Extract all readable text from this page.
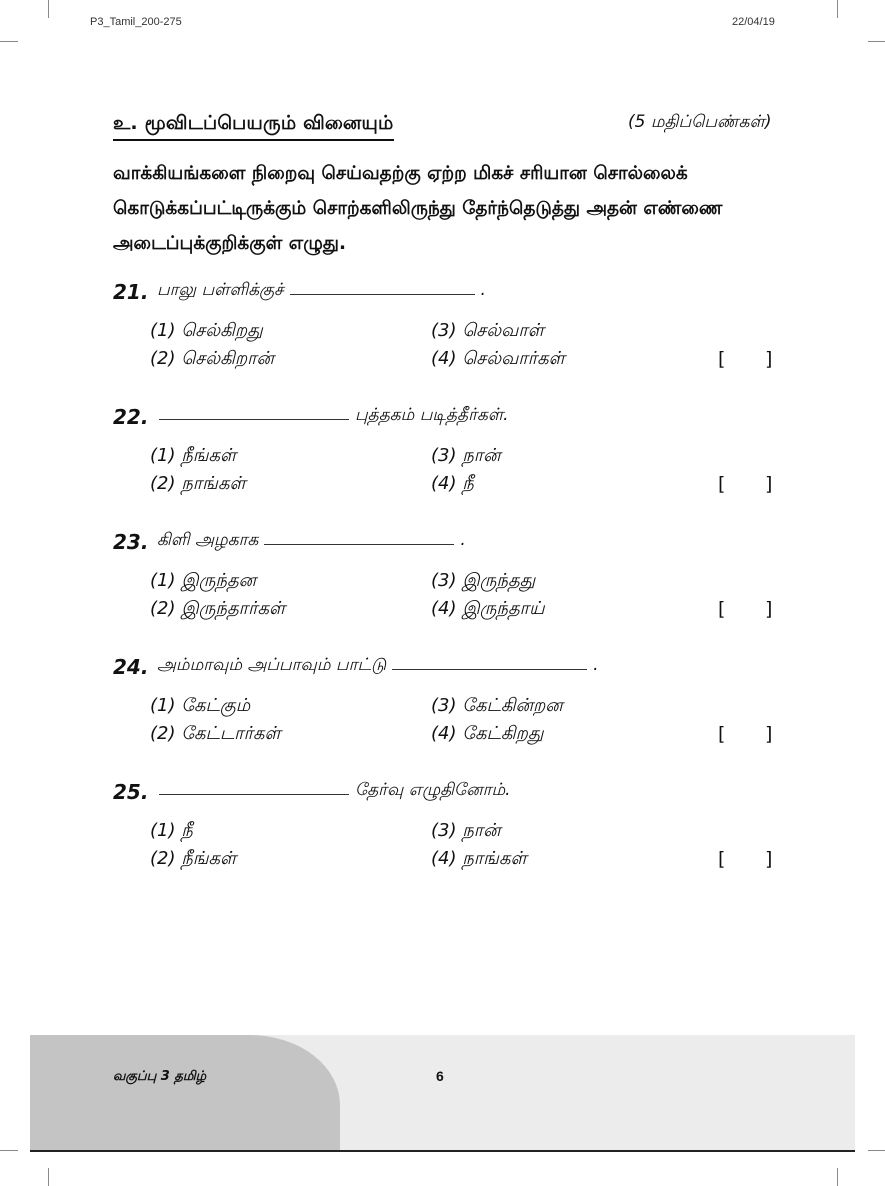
P3_Tamil_200-275	22/04/19
உ. மூவிடப்பெயரும் வினையும்	(5 மதிப்பெண்கள்)
வாக்கியங்களை நிறைவு செய்வதற்கு ஏற்ற மிகச் சரியான சொல்லைக்
கொடுக்கப்பட்டிருக்கும் சொற்களிலிருந்து தேர்ந்தெடுத்து அதன் எண்ணை
அடைப்புக்குறிக்குள் எழுது.
21. பாலு பள்ளிக்குச்	.
(1) செல்கிறது
(2) செல்கிறான்
(3) செல்வாள்
(4) செல்வார்கள்	[ ]
22.	புத்தகம் படித்தீர்கள்.
(1) நீங்கள்
(2) நாங்கள்
(3) நான்
(4) நீ	[ ]
23. கிளி அழகாக	.
(1) இருந்தன
(2) இருந்தார்கள்
(3) இருந்தது
(4) இருந்தாய்	[ ]
24. அம்மாவும் அப்பாவும் பாட்டு	.
(1) கேட்கும்
(2) கேட்டார்கள்
(3) கேட்கின்றன
(4) கேட்கிறது	[ ]
25.	தேர்வு எழுதினோம்.
(1) நீ
(2) நீங்கள்
(3) நான்
(4) நாங்கள்	[ ]
வகுப்பு 3 தமிழ்	6
